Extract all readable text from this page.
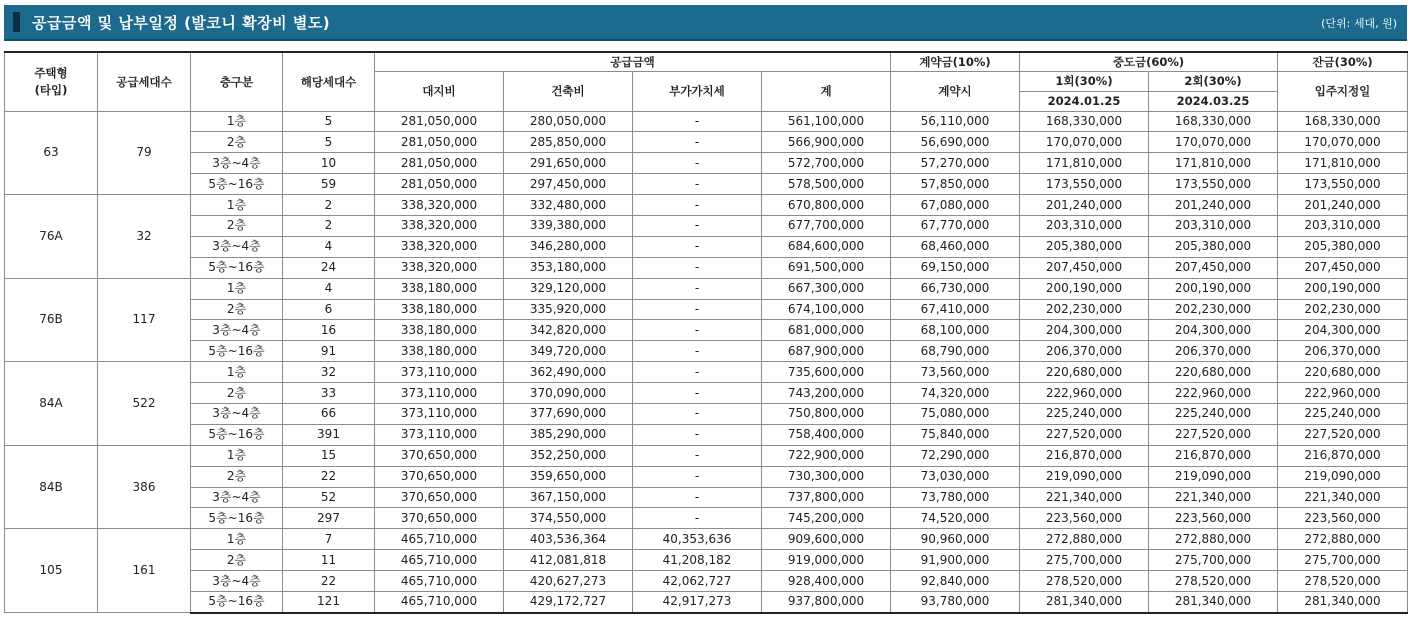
공급금액 및 납부일정 (발코니 확장비 별도)	(단위: 세대, 원)
주택형
(타입)	공급세대수	층구분	해당세대수	공급금액				계약금(10%)	중도금(60%)		잔금(30%)
				대지비	건축비	부가가치세	계	계약시	1회(30%)	2회(30%)	입주지정일
									2024.01.25	2024.03.25	
63	79	1층	5	281,050,000	280,050,000	-	561,100,000	56,110,000	168,330,000	168,330,000	168,330,000
		2층	5	281,050,000	285,850,000	-	566,900,000	56,690,000	170,070,000	170,070,000	170,070,000
		3층~4층	10	281,050,000	291,650,000	-	572,700,000	57,270,000	171,810,000	171,810,000	171,810,000
		5층~16층	59	281,050,000	297,450,000	-	578,500,000	57,850,000	173,550,000	173,550,000	173,550,000
76A	32	1층	2	338,320,000	332,480,000	-	670,800,000	67,080,000	201,240,000	201,240,000	201,240,000
		2층	2	338,320,000	339,380,000	-	677,700,000	67,770,000	203,310,000	203,310,000	203,310,000
		3층~4층	4	338,320,000	346,280,000	-	684,600,000	68,460,000	205,380,000	205,380,000	205,380,000
		5층~16층	24	338,320,000	353,180,000	-	691,500,000	69,150,000	207,450,000	207,450,000	207,450,000
76B	117	1층	4	338,180,000	329,120,000	-	667,300,000	66,730,000	200,190,000	200,190,000	200,190,000
		2층	6	338,180,000	335,920,000	-	674,100,000	67,410,000	202,230,000	202,230,000	202,230,000
		3층~4층	16	338,180,000	342,820,000	-	681,000,000	68,100,000	204,300,000	204,300,000	204,300,000
		5층~16층	91	338,180,000	349,720,000	-	687,900,000	68,790,000	206,370,000	206,370,000	206,370,000
84A	522	1층	32	373,110,000	362,490,000	-	735,600,000	73,560,000	220,680,000	220,680,000	220,680,000
		2층	33	373,110,000	370,090,000	-	743,200,000	74,320,000	222,960,000	222,960,000	222,960,000
		3층~4층	66	373,110,000	377,690,000	-	750,800,000	75,080,000	225,240,000	225,240,000	225,240,000
		5층~16층	391	373,110,000	385,290,000	-	758,400,000	75,840,000	227,520,000	227,520,000	227,520,000
84B	386	1층	15	370,650,000	352,250,000	-	722,900,000	72,290,000	216,870,000	216,870,000	216,870,000
		2층	22	370,650,000	359,650,000	-	730,300,000	73,030,000	219,090,000	219,090,000	219,090,000
		3층~4층	52	370,650,000	367,150,000	-	737,800,000	73,780,000	221,340,000	221,340,000	221,340,000
		5층~16층	297	370,650,000	374,550,000	-	745,200,000	74,520,000	223,560,000	223,560,000	223,560,000
105	161	1층	7	465,710,000	403,536,364	40,353,636	909,600,000	90,960,000	272,880,000	272,880,000	272,880,000
		2층	11	465,710,000	412,081,818	41,208,182	919,000,000	91,900,000	275,700,000	275,700,000	275,700,000
		3층~4층	22	465,710,000	420,627,273	42,062,727	928,400,000	92,840,000	278,520,000	278,520,000	278,520,000
		5층~16층	121	465,710,000	429,172,727	42,917,273	937,800,000	93,780,000	281,340,000	281,340,000	281,340,000
